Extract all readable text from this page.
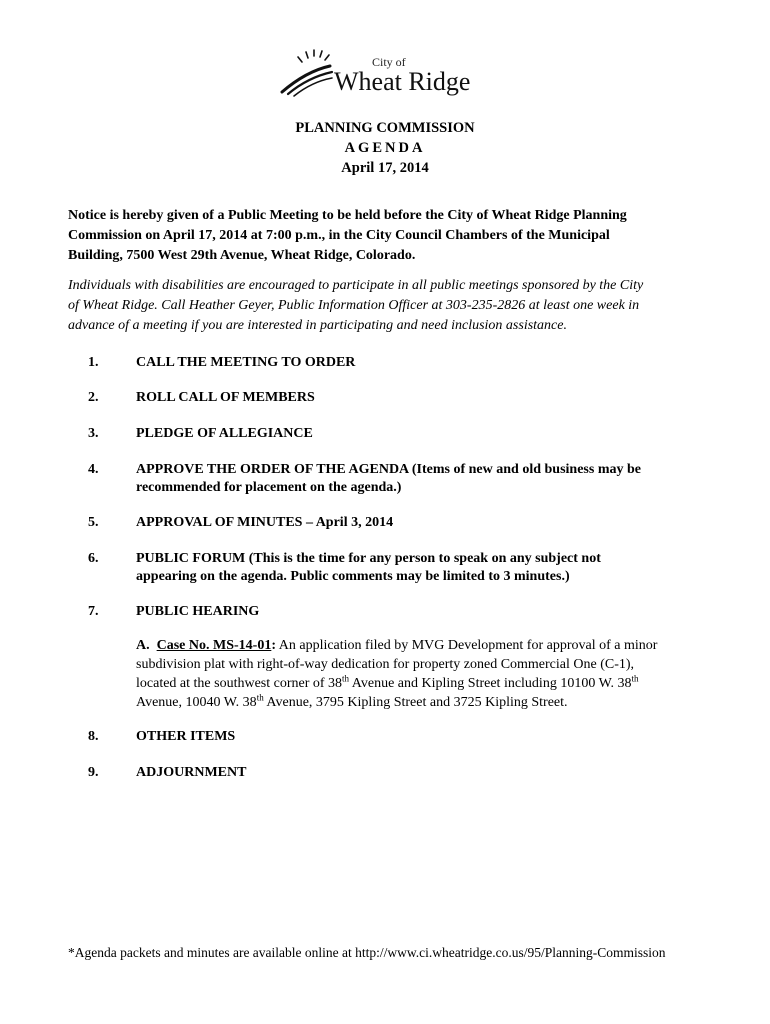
City of
Wheat Ridge
PLANNING COMMISSION
AGENDA
April 17, 2014
Notice is hereby given of a Public Meeting to be held before the City of Wheat Ridge Planning
Commission on April 17, 2014 at 7:00 p.m., in the City Council Chambers of the Municipal
Building, 7500 West 29th Avenue, Wheat Ridge, Colorado.
Individuals with disabilities are encouraged to participate in all public meetings sponsored by the City
of Wheat Ridge. Call Heather Geyer, Public Information Officer at 303-235-2826 at least one week in
advance of a meeting if you are interested in participating and need inclusion assistance.
1.	CALL THE MEETING TO ORDER
2.	ROLL CALL OF MEMBERS
3.	PLEDGE OF ALLEGIANCE
4.	APPROVE THE ORDER OF THE AGENDA (Items of new and old business may be
recommended for placement on the agenda.)
5.	APPROVAL OF MINUTES – April 3, 2014
6.	PUBLIC FORUM (This is the time for any person to speak on any subject not
appearing on the agenda. Public comments may be limited to 3 minutes.)
7.	PUBLIC HEARING
A. Case No. MS-14-01: An application filed by MVG Development for approval of a minor
subdivision plat with right-of-way dedication for property zoned Commercial One (C-1),
located at the southwest corner of 38th Avenue and Kipling Street including 10100 W. 38th
Avenue, 10040 W. 38th Avenue, 3795 Kipling Street and 3725 Kipling Street.
8.	OTHER ITEMS
9.	ADJOURNMENT
*Agenda packets and minutes are available online at http://www.ci.wheatridge.co.us/95/Planning-Commission
